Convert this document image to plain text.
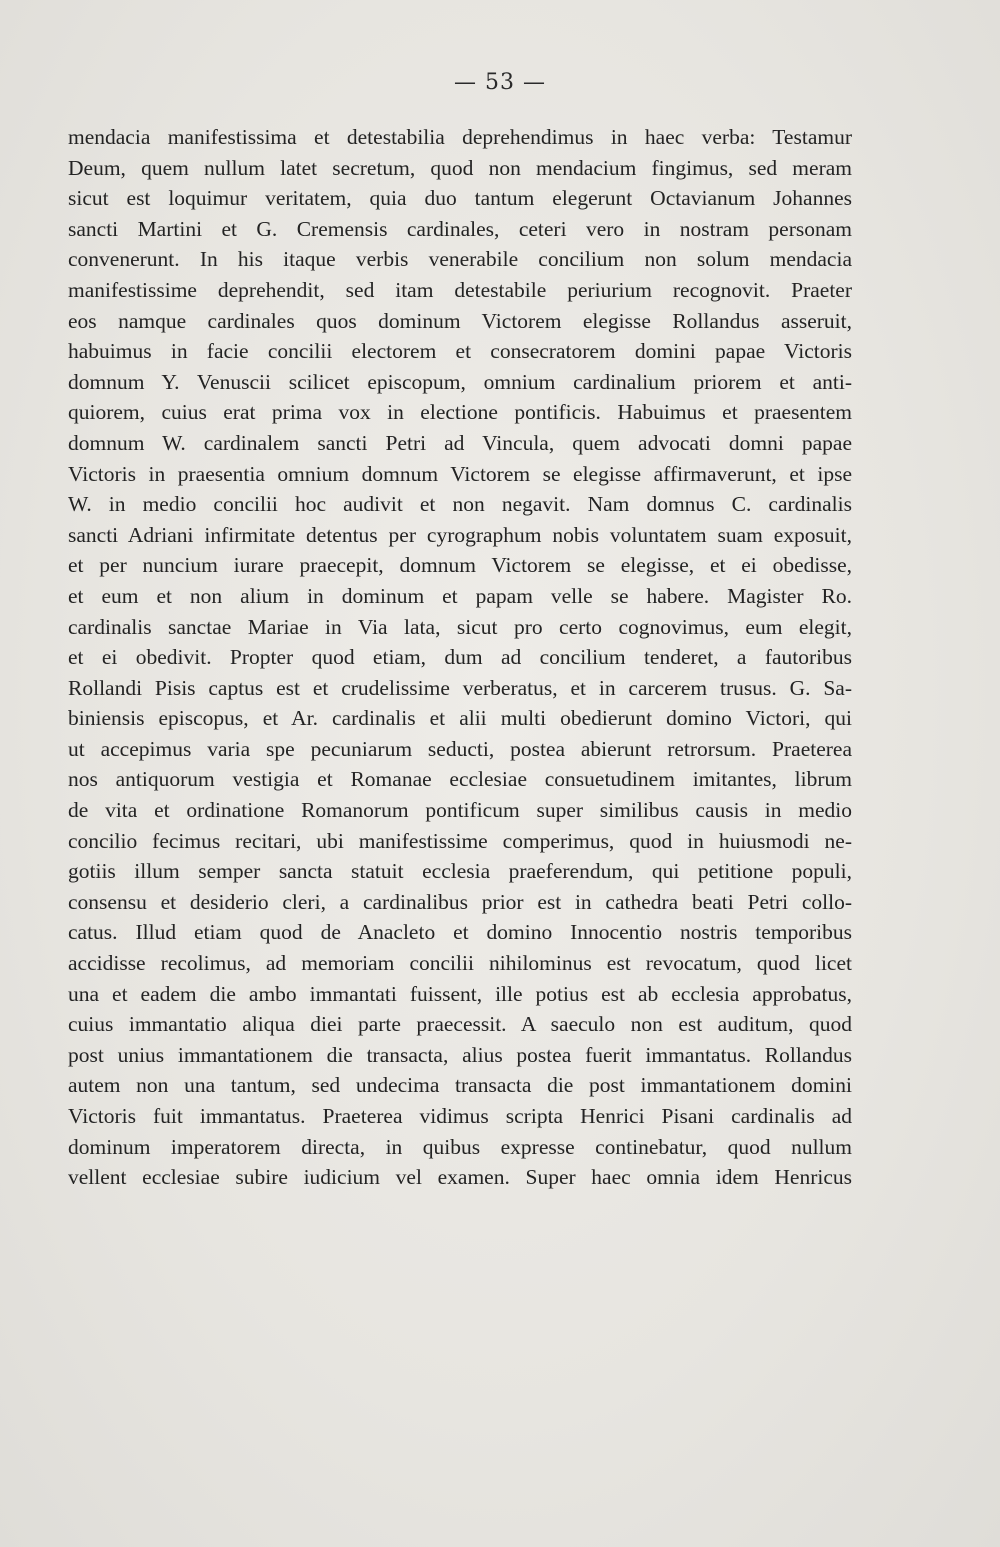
— 53 —
mendacia manifestissima et detestabilia deprehendimus in haec verba: Testamur
Deum, quem nullum latet secretum, quod non mendacium fingimus, sed meram
sicut est loquimur veritatem, quia duo tantum elegerunt Octavianum Johannes
sancti Martini et G. Cremensis cardinales, ceteri vero in nostram personam
convenerunt. In his itaque verbis venerabile concilium non solum mendacia
manifestissime deprehendit, sed itam detestabile periurium recognovit. Praeter
eos namque cardinales quos dominum Victorem elegisse Rollandus asseruit,
habuimus in facie concilii electorem et consecratorem domini papae Victoris
domnum Y. Venuscii scilicet episcopum, omnium cardinalium priorem et anti-
quiorem, cuius erat prima vox in electione pontificis. Habuimus et praesentem
domnum W. cardinalem sancti Petri ad Vincula, quem advocati domni papae
Victoris in praesentia omnium domnum Victorem se elegisse affirmaverunt, et ipse
W. in medio concilii hoc audivit et non negavit. Nam domnus C. cardinalis
sancti Adriani infirmitate detentus per cyrographum nobis voluntatem suam exposuit,
et per nuncium iurare praecepit, domnum Victorem se elegisse, et ei obedisse,
et eum et non alium in dominum et papam velle se habere. Magister Ro.
cardinalis sanctae Mariae in Via lata, sicut pro certo cognovimus, eum elegit,
et ei obedivit. Propter quod etiam, dum ad concilium tenderet, a fautoribus
Rollandi Pisis captus est et crudelissime verberatus, et in carcerem trusus. G. Sa-
biniensis episcopus, et Ar. cardinalis et alii multi obedierunt domino Victori, qui
ut accepimus varia spe pecuniarum seducti, postea abierunt retrorsum. Praeterea
nos antiquorum vestigia et Romanae ecclesiae consuetudinem imitantes, librum
de vita et ordinatione Romanorum pontificum super similibus causis in medio
concilio fecimus recitari, ubi manifestissime comperimus, quod in huiusmodi ne-
gotiis illum semper sancta statuit ecclesia praeferendum, qui petitione populi,
consensu et desiderio cleri, a cardinalibus prior est in cathedra beati Petri collo-
catus. Illud etiam quod de Anacleto et domino Innocentio nostris temporibus
accidisse recolimus, ad memoriam concilii nihilominus est revocatum, quod licet
una et eadem die ambo immantati fuissent, ille potius est ab ecclesia approbatus,
cuius immantatio aliqua diei parte praecessit. A saeculo non est auditum, quod
post unius immantationem die transacta, alius postea fuerit immantatus. Rollandus
autem non una tantum, sed undecima transacta die post immantationem domini
Victoris fuit immantatus. Praeterea vidimus scripta Henrici Pisani cardinalis ad
dominum imperatorem directa, in quibus expresse continebatur, quod nullum
vellent ecclesiae subire iudicium vel examen. Super haec omnia idem Henricus
